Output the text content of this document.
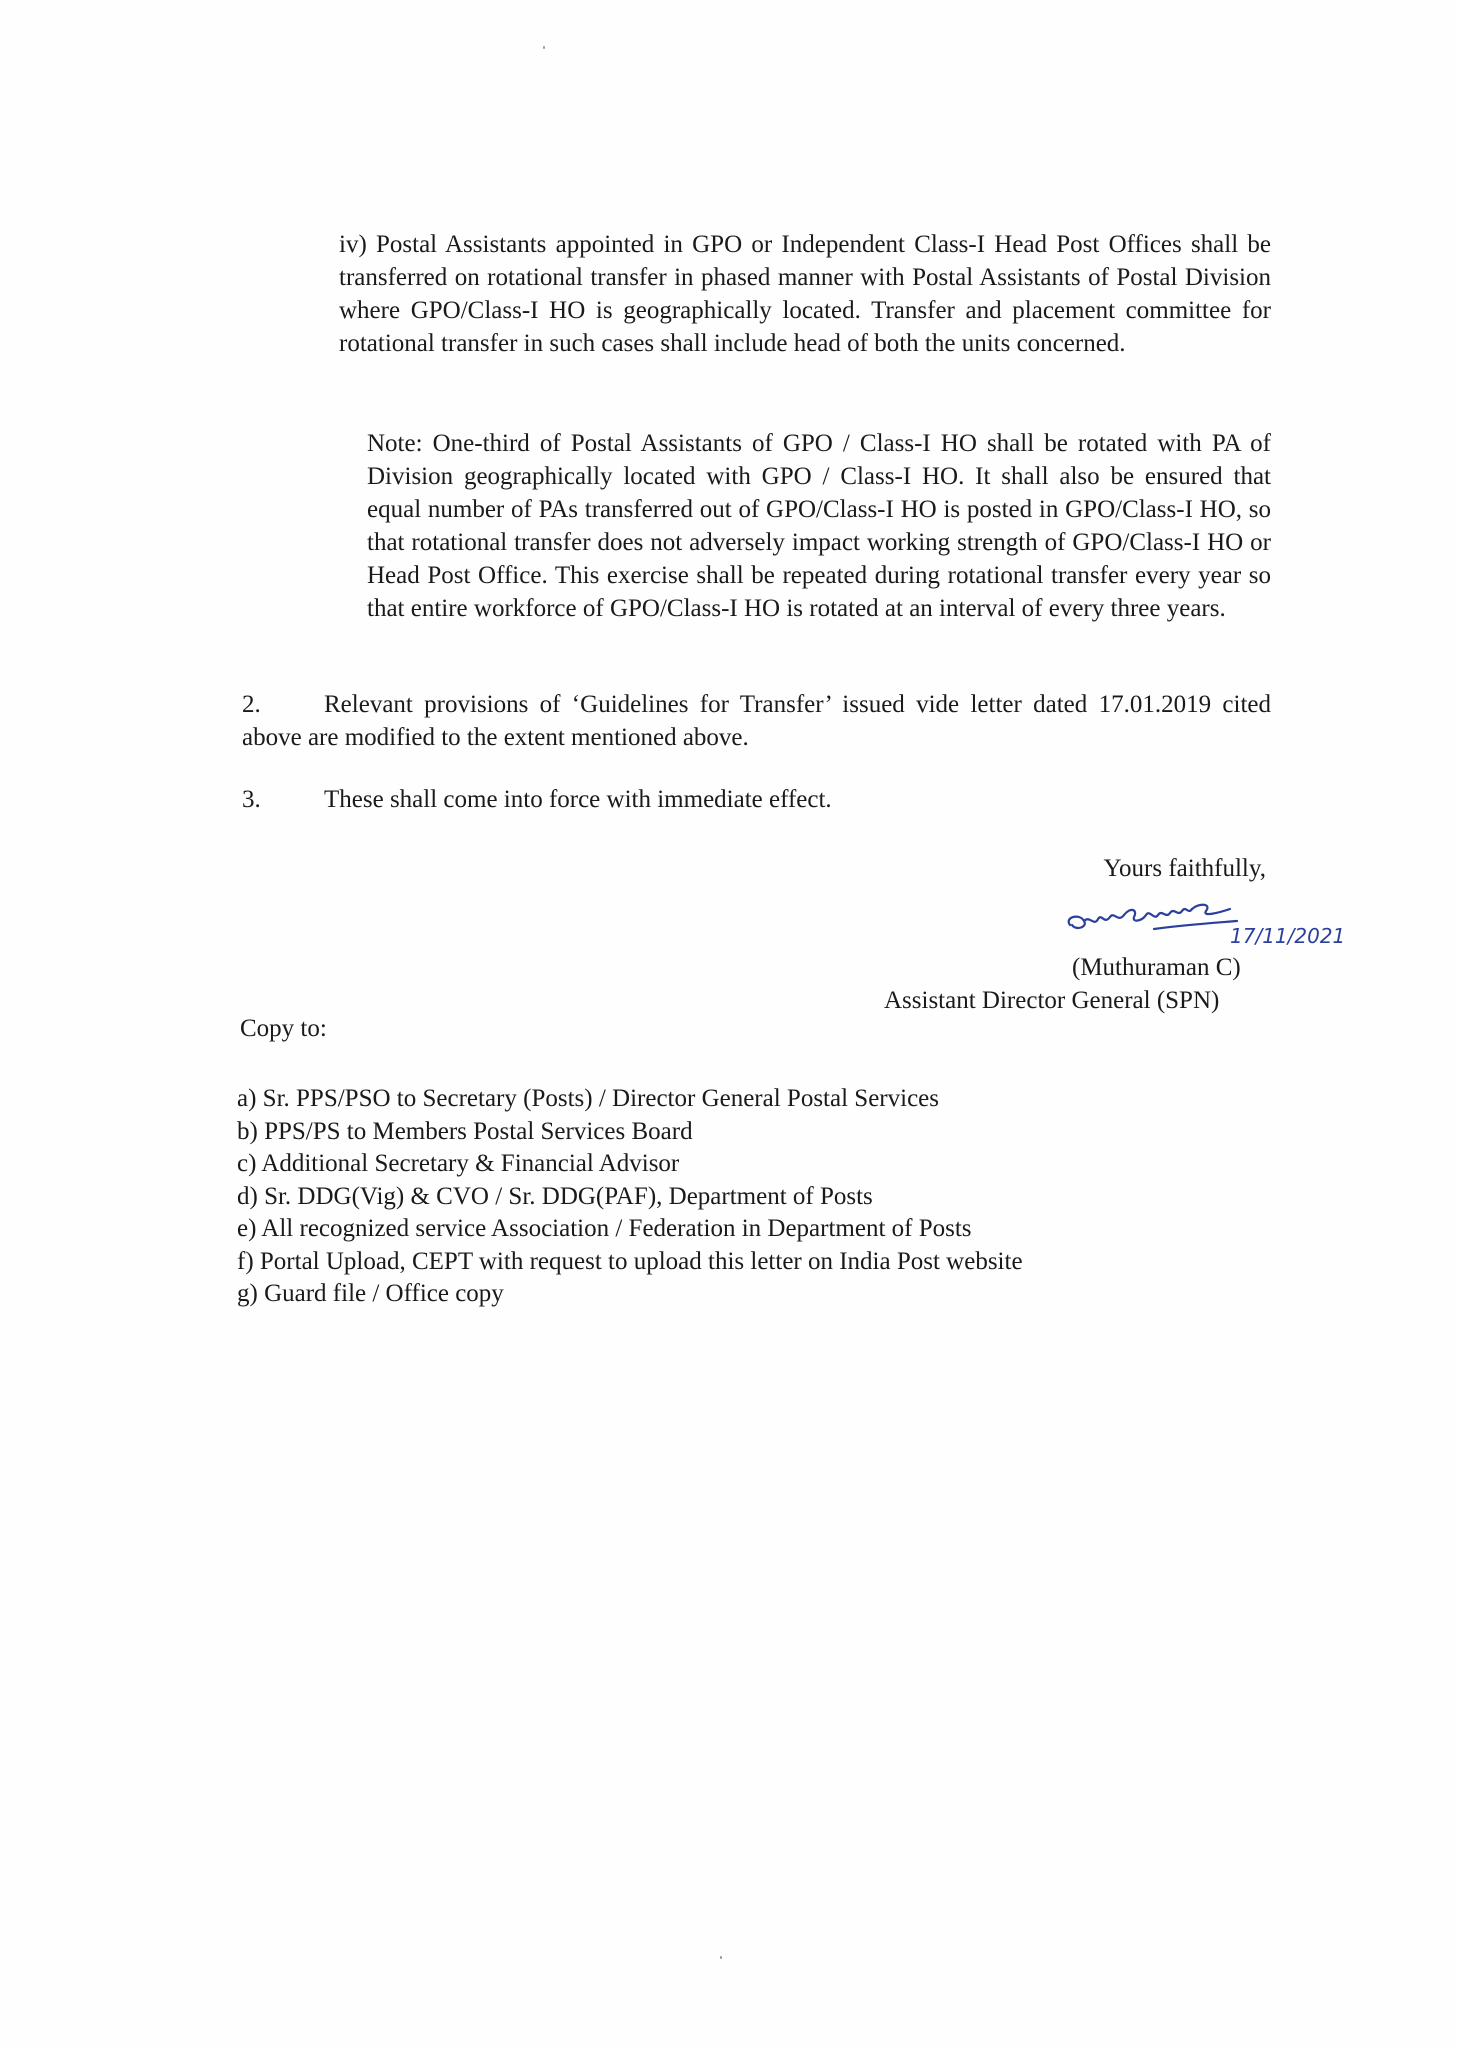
iv) Postal Assistants appointed in GPO or Independent Class-I Head Post Offices shall be transferred on rotational transfer in phased manner with Postal Assistants of Postal Division where GPO/Class-I HO is geographically located. Transfer and placement committee for rotational transfer in such cases shall include head of both the units concerned.
Note: One-third of Postal Assistants of GPO / Class-I HO shall be rotated with PA of Division geographically located with GPO / Class-I HO. It shall also be ensured that equal number of PAs transferred out of GPO/Class-I HO is posted in GPO/Class-I HO, so that rotational transfer does not adversely impact working strength of GPO/Class-I HO or Head Post Office. This exercise shall be repeated during rotational transfer every year so that entire workforce of GPO/Class-I HO is rotated at an interval of every three years.
2.	Relevant provisions of ‘Guidelines for Transfer’ issued vide letter dated 17.01.2019 cited above are modified to the extent mentioned above.
3.	These shall come into force with immediate effect.
Yours faithfully,
17/11/2021
(Muthuraman C)
Assistant Director General (SPN)
Copy to:
a) Sr. PPS/PSO to Secretary (Posts) / Director General Postal Services
b) PPS/PS to Members Postal Services Board
c) Additional Secretary & Financial Advisor
d) Sr. DDG(Vig) & CVO / Sr. DDG(PAF), Department of Posts
e) All recognized service Association / Federation in Department of Posts
f) Portal Upload, CEPT with request to upload this letter on India Post website
g) Guard file / Office copy
